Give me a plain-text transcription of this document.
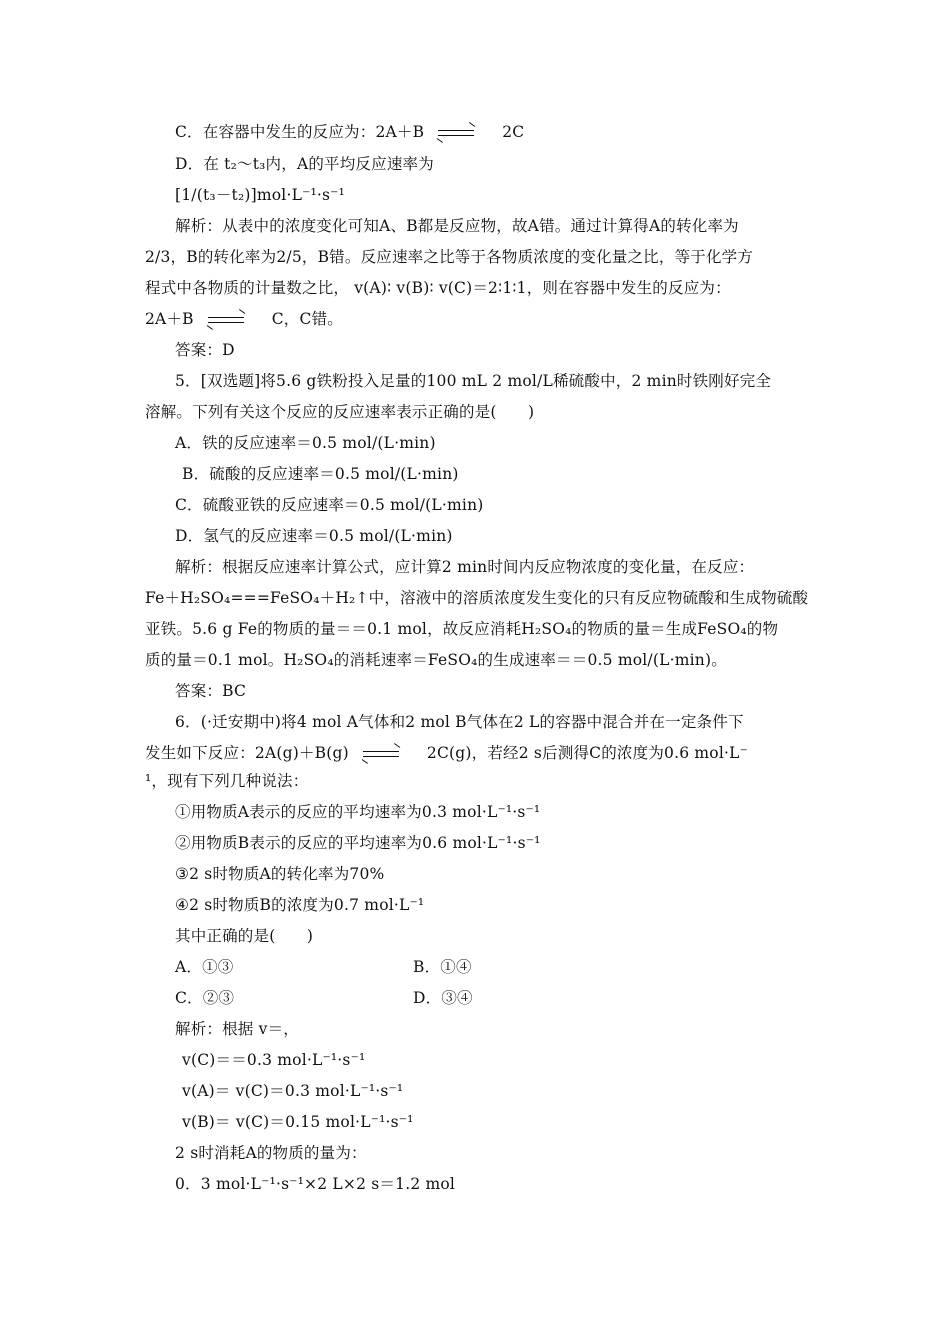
C．在容器中发生的反应为：2A＋B	2C
D．在 t₂～t₃内，A的平均反应速率为
[1/(t₃－t₂)]mol·L⁻¹·s⁻¹
解析：从表中的浓度变化可知A、B都是反应物，故A错。通过计算得A的转化率为
2/3，B的转化率为2/5，B错。反应速率之比等于各物质浓度的变化量之比，等于化学方
程式中各物质的计量数之比， v(A)∶ v(B)∶ v(C)＝2∶1∶1，则在容器中发生的反应为：
2A＋B	C，C错。
答案：D
5．[双选题]将5.6 g铁粉投入足量的100 mL 2 mol/L稀硫酸中，2 min时铁刚好完全
溶解。下列有关这个反应的反应速率表示正确的是(　　)
A．铁的反应速率＝0.5 mol/(L·min)
B．硫酸的反应速率＝0.5 mol/(L·min)
C．硫酸亚铁的反应速率＝0.5 mol/(L·min)
D．氢气的反应速率＝0.5 mol/(L·min)
解析：根据反应速率计算公式，应计算2 min时间内反应物浓度的变化量，在反应：
Fe＋H₂SO₄===FeSO₄＋H₂↑中，溶液中的溶质浓度发生变化的只有反应物硫酸和生成物硫酸
亚铁。5.6 g Fe的物质的量＝＝0.1 mol，故反应消耗H₂SO₄的物质的量＝生成FeSO₄的物
质的量＝0.1 mol。H₂SO₄的消耗速率＝FeSO₄的生成速率＝＝0.5 mol/(L·min)。
答案：BC
6．(·迁安期中)将4 mol A气体和2 mol B气体在2 L的容器中混合并在一定条件下
发生如下反应：2A(g)＋B(g)	2C(g)，若经2 s后测得C的浓度为0.6 mol·L⁻
¹，现有下列几种说法：
①用物质A表示的反应的平均速率为0.3 mol·L⁻¹·s⁻¹
②用物质B表示的反应的平均速率为0.6 mol·L⁻¹·s⁻¹
③2 s时物质A的转化率为70%
④2 s时物质B的浓度为0.7 mol·L⁻¹
其中正确的是(　　)
A．①③	B．①④
C．②③	D．③④
解析：根据 v＝，
v(C)＝＝0.3 mol·L⁻¹·s⁻¹
v(A)＝ v(C)＝0.3 mol·L⁻¹·s⁻¹
v(B)＝ v(C)＝0.15 mol·L⁻¹·s⁻¹
2 s时消耗A的物质的量为：
0．3 mol·L⁻¹·s⁻¹×2 L×2 s＝1.2 mol
